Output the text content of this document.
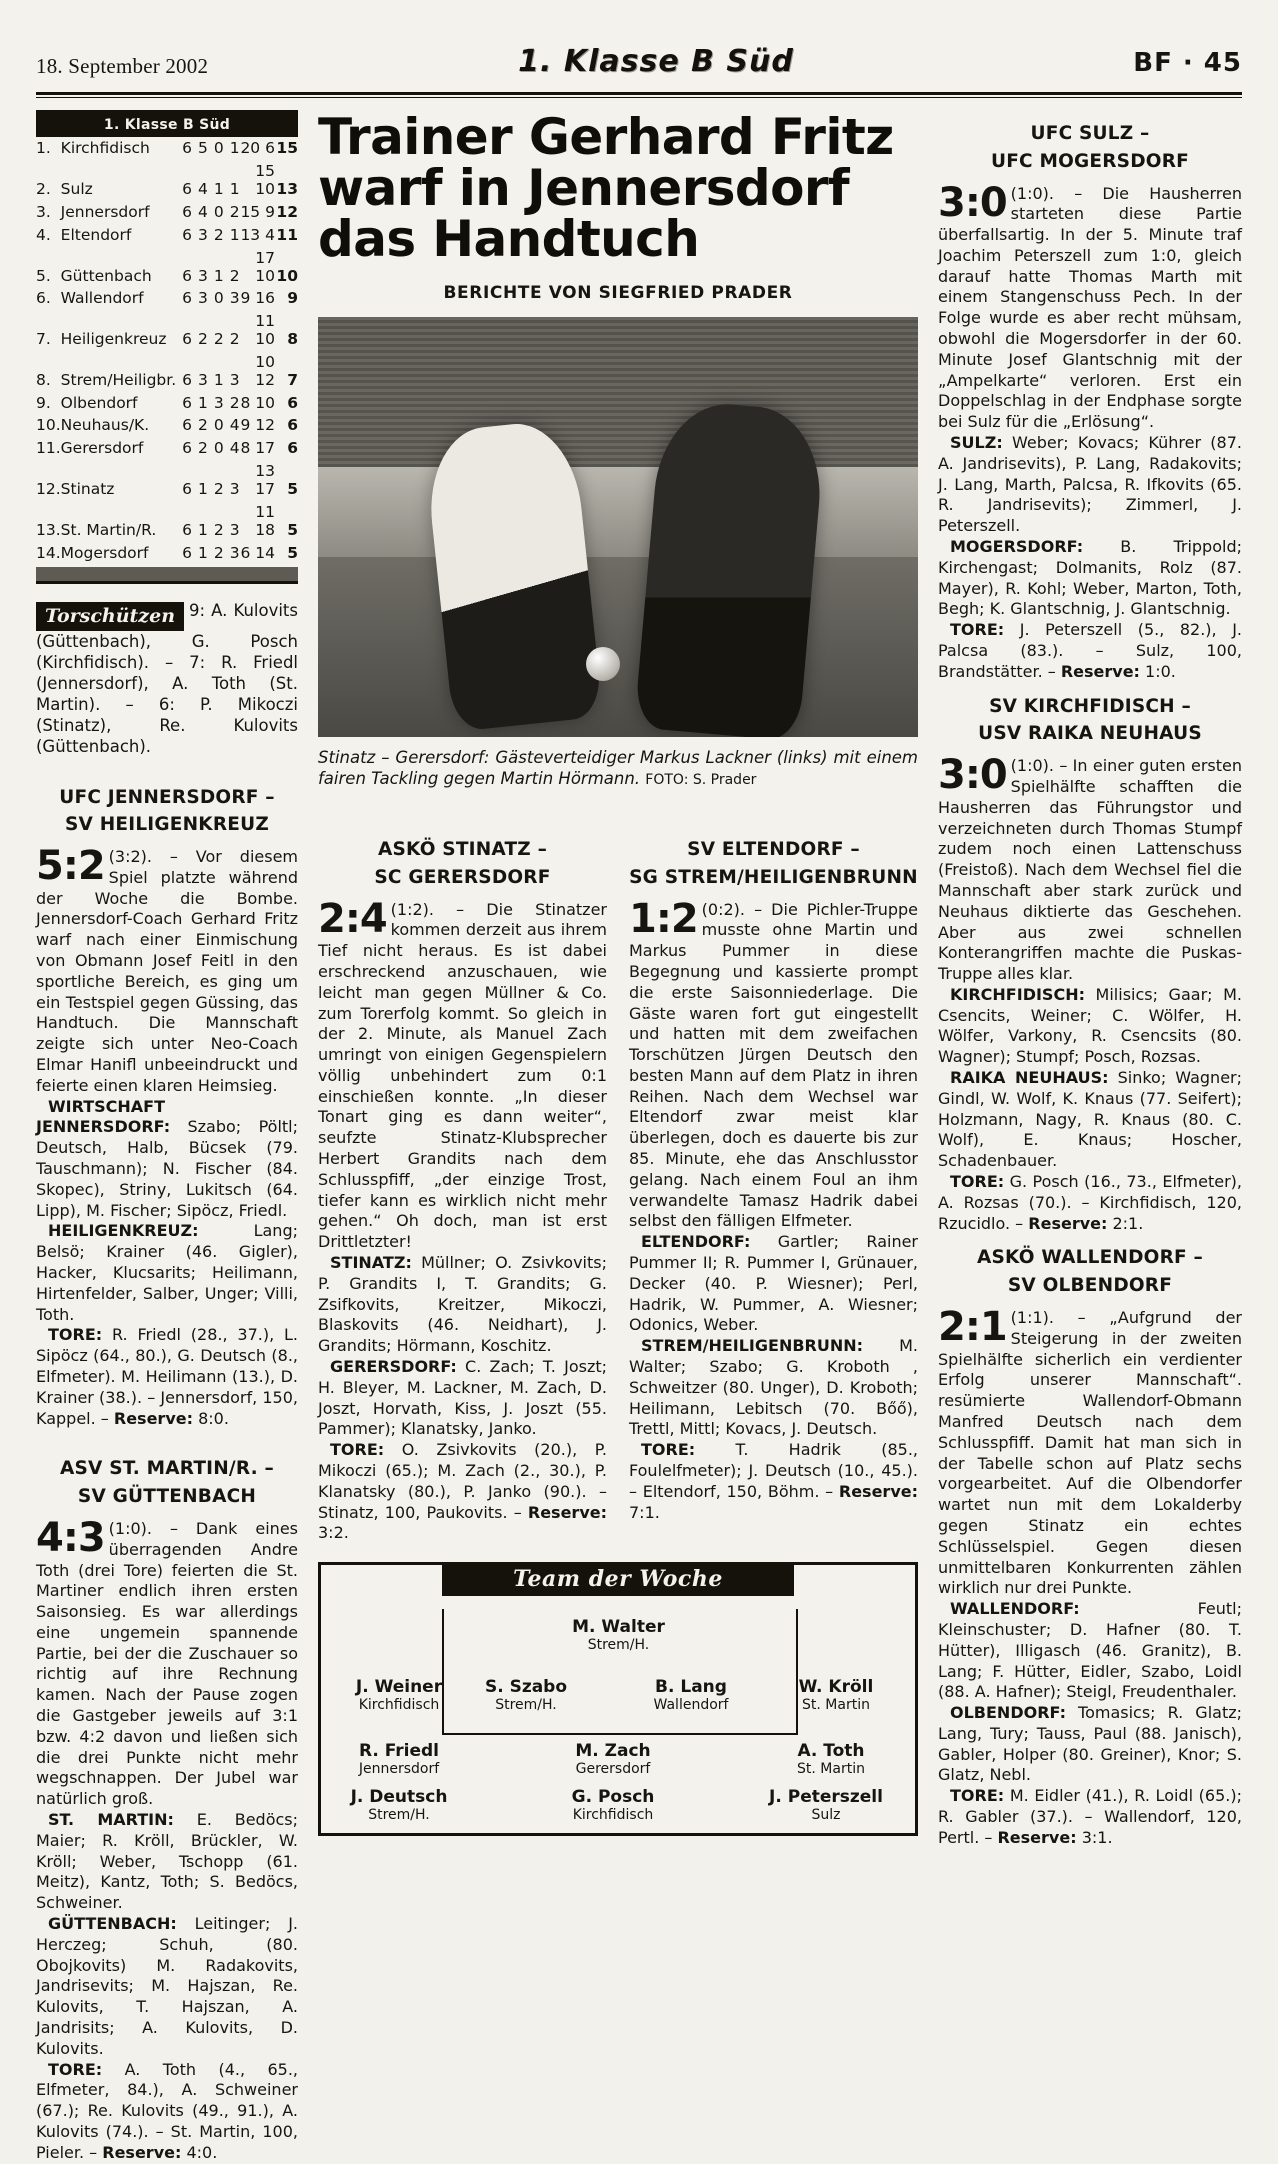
18. September 2002	1. Klasse B Süd	BF · 45
1. Klasse B Süd
1.	Kirchfidisch	6	5	0	1	20 6	15
2.	Sulz	6	4	1	1	15 10	13
3.	Jennersdorf	6	4	0	2	15 9	12
4.	Eltendorf	6	3	2	1	13 4	11
5.	Güttenbach	6	3	1	2	17 10	10
6.	Wallendorf	6	3	0	3	9 16	9
7.	Heiligenkreuz	6	2	2	2	11 10	8
8.	Strem/Heiligbr.	6	3	1	3	10 12	7
9.	Olbendorf	6	1	3	2	8 10	6
10.	Neuhaus/K.	6	2	0	4	9 12	6
11.	Gerersdorf	6	2	0	4	8 17	6
12.	Stinatz	6	1	2	3	13 17	5
13.	St. Martin/R.	6	1	2	3	11 18	5
14.	Mogersdorf	6	1	2	3	6 14	5
Torschützen 9: A. Kulovits (Güttenbach), G. Posch (Kirchfidisch). – 7: R. Friedl (Jennersdorf), A. Toth (St. Martin). – 6: P. Mikoczi (Stinatz), Re. Kulovits (Güttenbach).
UFC JENNERSDORF –
SV HEILIGENKREUZ

5:2 (3:2). – Vor diesem Spiel platzte während der Woche die Bombe. Jennersdorf-Coach Gerhard Fritz warf nach einer Einmischung von Obmann Josef Feitl in den sportliche Bereich, es ging um ein Testspiel gegen Güssing, das Handtuch. Die Mannschaft zeigte sich unter Neo-Coach Elmar Hanifl unbeeindruckt und feierte einen klaren Heimsieg.

WIRTSCHAFT JENNERSDORF: Szabo; Pöltl; Deutsch, Halb, Bücsek (79. Tauschmann); N. Fischer (84. Skopec), Striny, Lukitsch (64. Lipp), M. Fischer; Sipöcz, Friedl.

HEILIGENKREUZ: Lang; Belsö; Krainer (46. Gigler), Hacker, Klucsarits; Heilimann, Hirtenfelder, Salber, Unger; Villi, Toth.

TORE: R. Friedl (28., 37.), L. Sipöcz (64., 80.), G. Deutsch (8., Elfmeter). M. Heilimann (13.), D. Krainer (38.). – Jennersdorf, 150, Kappel. – Reserve: 8:0.

ASV ST. MARTIN/R. –
SV GÜTTENBACH

4:3 (1:0). – Dank eines überragenden Andre Toth (drei Tore) feierten die St. Martiner endlich ihren ersten Saisonsieg. Es war allerdings eine ungemein spannende Partie, bei der die Zuschauer so richtig auf ihre Rechnung kamen. Nach der Pause zogen die Gastgeber jeweils auf 3:1 bzw. 4:2 davon und ließen sich die drei Punkte nicht mehr wegschnappen. Der Jubel war natürlich groß.

ST. MARTIN: E. Bedöcs; Maier; R. Kröll, Brückler, W. Kröll; Weber, Tschopp (61. Meitz), Kantz, Toth; S. Bedöcs, Schweiner.

GÜTTENBACH: Leitinger; J. Herczeg; Schuh, (80. Obojkovits) M. Radakovits, Jandrisevits; M. Hajszan, Re. Kulovits, T. Hajszan, A. Jandrisits; A. Kulovits, D. Kulovits.

TORE: A. Toth (4., 65., Elfmeter, 84.), A. Schweiner (67.); Re. Kulovits (49., 91.), A. Kulovits (74.). – St. Martin, 100, Pieler. – Reserve: 4:0.

Trainer Gerhard Fritz warf in Jennersdorf das Handtuch
BERICHTE VON SIEGFRIED PRADER
Stinatz – Gerersdorf: Gästeverteidiger Markus Lackner (links) mit einem fairen Tackling gegen Martin Hörmann. FOTO: S. Prader
ASKÖ STINATZ –
SC GERERSDORF

2:4 (1:2). – Die Stinatzer kommen derzeit aus ihrem Tief nicht heraus. Es ist dabei erschreckend anzuschauen, wie leicht man gegen Müllner & Co. zum Torerfolg kommt. So gleich in der 2. Minute, als Manuel Zach umringt von einigen Gegenspielern völlig unbehindert zum 0:1 einschießen konnte. „In dieser Tonart ging es dann weiter“, seufzte Stinatz-Klubsprecher Herbert Grandits nach dem Schlusspfiff, „der einzige Trost, tiefer kann es wirklich nicht mehr gehen.“ Oh doch, man ist erst Drittletzter!

STINATZ: Müllner; O. Zsivkovits; P. Grandits I, T. Grandits; G. Zsifkovits, Kreitzer, Mikoczi, Blaskovits (46. Neidhart), J. Grandits; Hörmann, Koschitz.

GERERSDORF: C. Zach; T. Joszt; H. Bleyer, M. Lackner, M. Zach, D. Joszt, Horvath, Kiss, J. Joszt (55. Pammer); Klanatsky, Janko.

TORE: O. Zsivkovits (20.), P. Mikoczi (65.); M. Zach (2., 30.), P. Klanatsky (80.), P. Janko (90.). – Stinatz, 100, Paukovits. – Reserve: 3:2.

SV ELTENDORF –
SG STREM/HEILIGENBRUNN

1:2 (0:2). – Die Pichler-Truppe musste ohne Martin und Markus Pummer in diese Begegnung und kassierte prompt die erste Saisonniederlage. Die Gäste waren fort gut eingestellt und hatten mit dem zweifachen Torschützen Jürgen Deutsch den besten Mann auf dem Platz in ihren Reihen. Nach dem Wechsel war Eltendorf zwar meist klar überlegen, doch es dauerte bis zur 85. Minute, ehe das Anschlusstor gelang. Nach einem Foul an ihm verwandelte Tamasz Hadrik dabei selbst den fälligen Elfmeter.

ELTENDORF: Gartler; Rainer Pummer II; R. Pummer I, Grünauer, Decker (40. P. Wiesner); Perl, Hadrik, W. Pummer, A. Wiesner; Odonics, Weber.

STREM/HEILIGENBRUNN: M. Walter; Szabo; G. Kroboth , Schweitzer (80. Unger), D. Kroboth; Heilimann, Lebitsch (70. Bőő), Trettl, Mittl; Kovacs, J. Deutsch.

TORE: T. Hadrik (85., Foulelfmeter); J. Deutsch (10., 45.). – Eltendorf, 150, Böhm. – Reserve: 7:1.

Team der Woche
M. Walter
Strem/H.
J. Weiner
Kirchfidisch
S. Szabo
Strem/H.
B. Lang
Wallendorf
W. Kröll
St. Martin
R. Friedl
Jennersdorf
M. Zach
Gerersdorf
A. Toth
St. Martin
J. Deutsch
Strem/H.
G. Posch
Kirchfidisch
J. Peterszell
Sulz
UFC SULZ –
UFC MOGERSDORF

3:0 (1:0). – Die Hausherren starteten diese Partie überfallsartig. In der 5. Minute traf Joachim Peterszell zum 1:0, gleich darauf hatte Thomas Marth mit einem Stangenschuss Pech. In der Folge wurde es aber recht mühsam, obwohl die Mogersdorfer in der 60. Minute Josef Glantschnig mit der „Ampelkarte“ verloren. Erst ein Doppelschlag in der Endphase sorgte bei Sulz für die „Erlösung“.

SULZ: Weber; Kovacs; Kührer (87. A. Jandrisevits), P. Lang, Radakovits; J. Lang, Marth, Palcsa, R. Ifkovits (65. R. Jandrisevits); Zimmerl, J. Peterszell.

MOGERSDORF: B. Trippold; Kirchengast; Dolmanits, Rolz (87. Mayer), R. Kohl; Weber, Marton, Toth, Begh; K. Glantschnig, J. Glantschnig.

TORE: J. Peterszell (5., 82.), J. Palcsa (83.). – Sulz, 100, Brandstätter. – Reserve: 1:0.

SV KIRCHFIDISCH –
USV RAIKA NEUHAUS

3:0 (1:0). – In einer guten ersten Spielhälfte schafften die Hausherren das Führungstor und verzeichneten durch Thomas Stumpf zudem noch einen Lattenschuss (Freistoß). Nach dem Wechsel fiel die Mannschaft aber stark zurück und Neuhaus diktierte das Geschehen. Aber aus zwei schnellen Konterangriffen machte die Puskas-Truppe alles klar.

KIRCHFIDISCH: Milisics; Gaar; M. Csencits, Weiner; C. Wölfer, H. Wölfer, Varkony, R. Csencsits (80. Wagner); Stumpf; Posch, Rozsas.

RAIKA NEUHAUS: Sinko; Wagner; Gindl, W. Wolf, K. Knaus (77. Seifert); Holzmann, Nagy, R. Knaus (80. C. Wolf), E. Knaus; Hoscher, Schadenbauer.

TORE: G. Posch (16., 73., Elfmeter), A. Rozsas (70.). – Kirchfidisch, 120, Rzucidlo. – Reserve: 2:1.

ASKÖ WALLENDORF –
SV OLBENDORF

2:1 (1:1). – „Aufgrund der Steigerung in der zweiten Spielhälfte sicherlich ein verdienter Erfolg unserer Mannschaft“. resümierte Wallendorf-Obmann Manfred Deutsch nach dem Schlusspfiff. Damit hat man sich in der Tabelle schon auf Platz sechs vorgearbeitet. Auf die Olbendorfer wartet nun mit dem Lokalderby gegen Stinatz ein echtes Schlüsselspiel. Gegen diesen unmittelbaren Konkurrenten zählen wirklich nur drei Punkte.

WALLENDORF: Feutl; Kleinschuster; D. Hafner (80. T. Hütter), Illigasch (46. Granitz), B. Lang; F. Hütter, Eidler, Szabo, Loidl (88. A. Hafner); Steigl, Freudenthaler.

OLBENDORF: Tomasics; R. Glatz; Lang, Tury; Tauss, Paul (88. Janisch), Gabler, Holper (80. Greiner), Knor; S. Glatz, Nebl.

TORE: M. Eidler (41.), R. Loidl (65.); R. Gabler (37.). – Wallendorf, 120, Pertl. – Reserve: 3:1.
